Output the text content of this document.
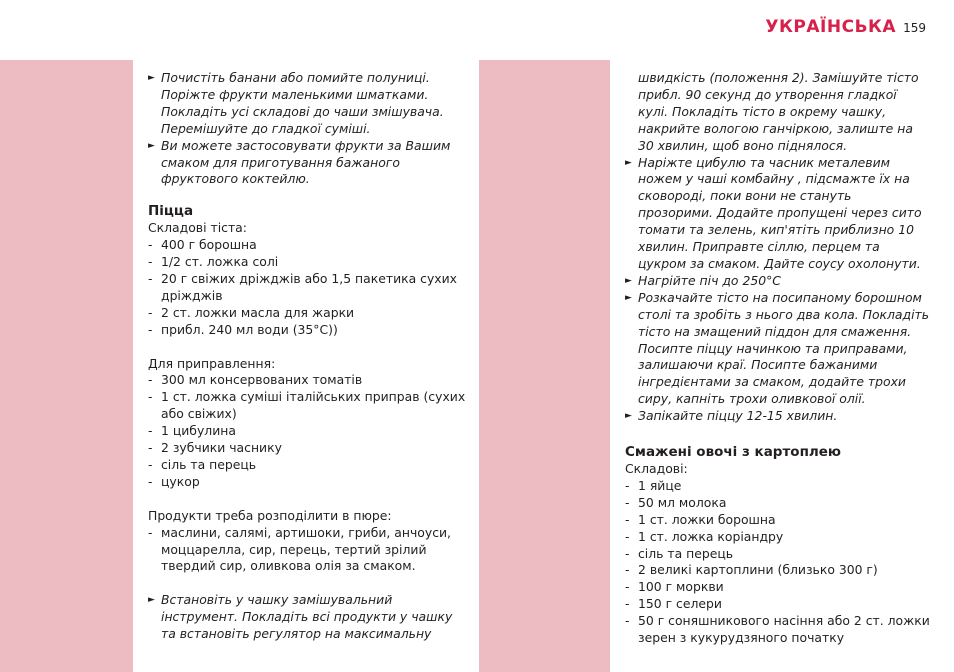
УКРАЇНСЬКА 159
► Почистіть банани або помийте полуниці. Поріжте фрукти маленькими шматками. Покладіть усі складові до чаши змішувача. Перемішуйте до гладкої суміші.
► Ви можете застосовувати фрукти за Вашим смаком для приготування бажаного фруктового коктейлю.
Піцца
Складові тіста:
- 400 г борошна
- 1/2 ст. ложка солі
- 20 г свіжих дріжджів або 1,5 пакетика сухих дріжджів
- 2 ст. ложки масла для жарки
- прибл. 240 мл води (35°C))
Для приправлення:
- 300 мл консервованих томатів
- 1 ст. ложка суміші італійських приправ (сухих або свіжих)
- 1 цибулина
- 2 зубчики часнику
- сіль та перець
- цукор
Продукти треба розподілити в пюре:
- маслини, салямі, артишоки, гриби, анчоуси, моццарелла, сир, перець, тертий зрілий твердий сир, оливкова олія за смаком.
► Встановіть у чашку замішувальний інструмент. Покладіть всі продукти у чашку та встановіть регулятор на максимальну
швидкість (положення 2). Замішуйте тісто прибл. 90 секунд до утворення гладкої кулі. Покладіть тісто в окрему чашку, накрийте вологою ганчіркою, залиште на 30 хвилин, щоб воно піднялося.
► Наріжте цибулю та часник металевим ножем у чаші комбайну , підсмажте їх на сковороді, поки вони не стануть прозорими. Додайте пропущені через сито томати та зелень, кип'ятіть приблизно 10 хвилин. Приправте сіллю, перцем та цукром за смаком. Дайте соусу охолонути.
► Нагрійте піч до 250°C
► Розкачайте тісто на посипаному борошном столі та зробіть з нього два кола. Покладіть тісто на змащений піддон для смаження. Посипте піццу начинкою та приправами, залишаючи краї. Посипте бажаними інгредієнтами за смаком, додайте трохи сиру, капніть трохи оливкової олії.
► Запікайте піццу 12-15 хвилин.
Смажені овочі з картоплею
Складові:
- 1 яйце
- 50 мл молока
- 1 ст. ложки борошна
- 1 ст. ложка коріандру
- сіль та перець
- 2 великі картоплини (близько 300 г)
- 100 г моркви
- 150 г селери
- 50 г соняшникового насіння або 2 ст. ложки зерен з кукурудзяного початку
